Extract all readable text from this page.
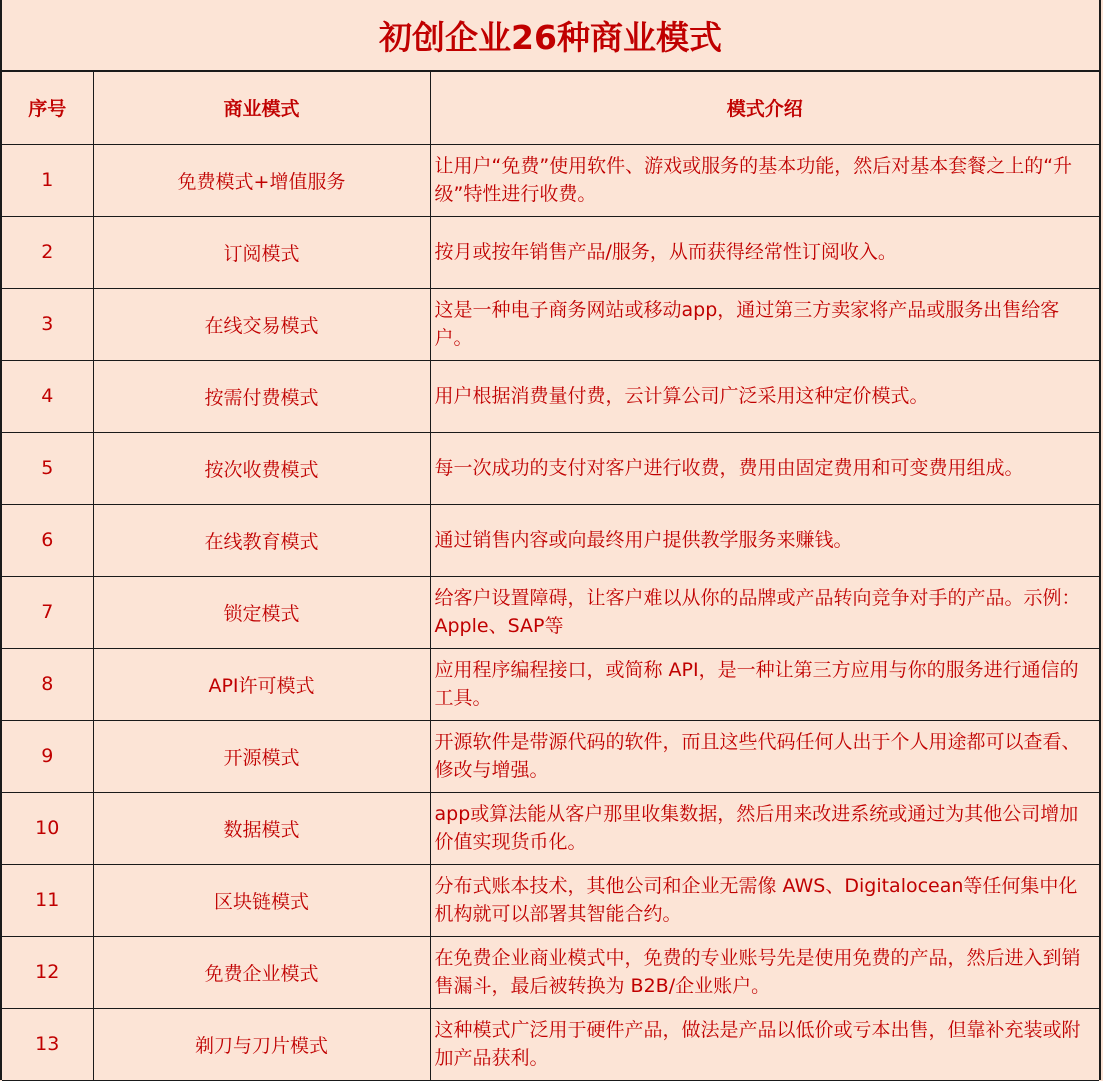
初创企业26种商业模式
序号	商业模式	模式介绍
1	免费模式+增值服务	让用户“免费”使用软件、游戏或服务的基本功能，然后对基本套餐之上的“升级”特性进行收费。
2	订阅模式	按月或按年销售产品/服务，从而获得经常性订阅收入。
3	在线交易模式	这是一种电子商务网站或移动app，通过第三方卖家将产品或服务出售给客户。
4	按需付费模式	用户根据消费量付费，云计算公司广泛采用这种定价模式。
5	按次收费模式	每一次成功的支付对客户进行收费，费用由固定费用和可变费用组成。
6	在线教育模式	通过销售内容或向最终用户提供教学服务来赚钱。
7	锁定模式	给客户设置障碍，让客户难以从你的品牌或产品转向竞争对手的产品。示例：Apple、SAP等
8	API许可模式	应用程序编程接口，或简称 API，是一种让第三方应用与你的服务进行通信的工具。
9	开源模式	开源软件是带源代码的软件，而且这些代码任何人出于个人用途都可以查看、修改与增强。
10	数据模式	app或算法能从客户那里收集数据，然后用来改进系统或通过为其他公司增加价值实现货币化。
11	区块链模式	分布式账本技术，其他公司和企业无需像 AWS、Digitalocean等任何集中化机构就可以部署其智能合约。
12	免费企业模式	在免费企业商业模式中，免费的专业账号先是使用免费的产品，然后进入到销售漏斗，最后被转换为 B2B/企业账户。
13	剃刀与刀片模式	这种模式广泛用于硬件产品，做法是产品以低价或亏本出售，但靠补充装或附加产品获利。
